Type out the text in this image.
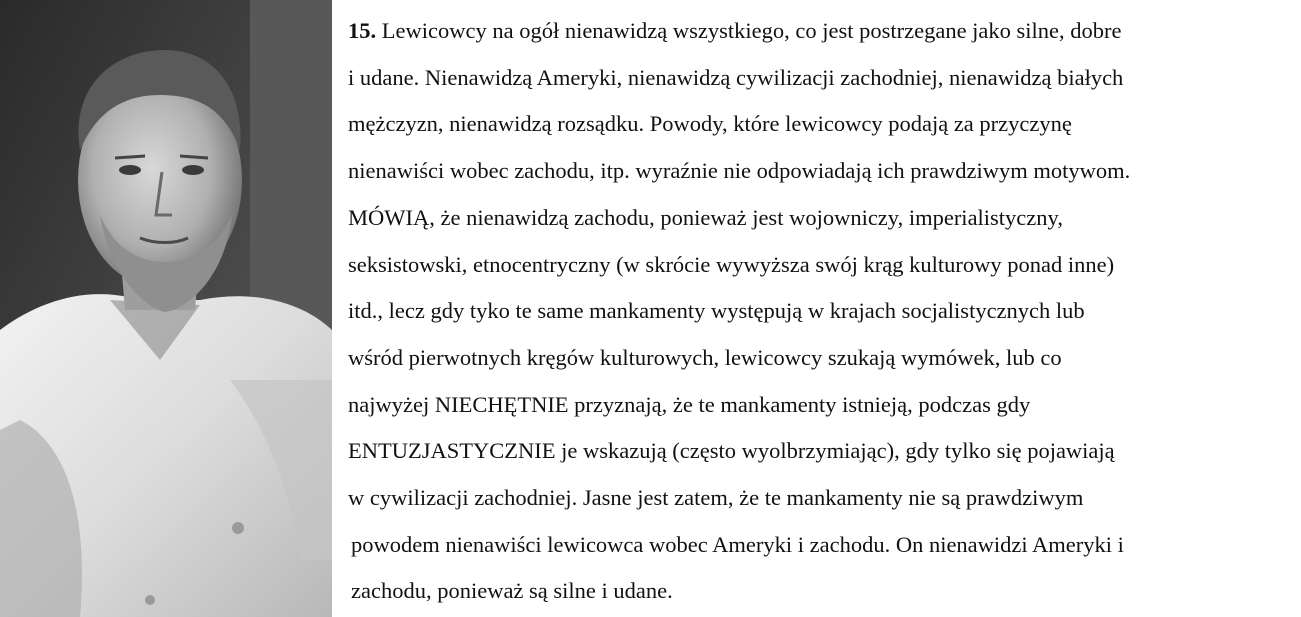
15. Lewicowcy na ogół nienawidzą wszystkiego, co jest postrzegane jako silne, dobre
i udane. Nienawidzą Ameryki, nienawidzą cywilizacji zachodniej, nienawidzą białych
mężczyzn, nienawidzą rozsądku. Powody, które lewicowcy podają za przyczynę
nienawiści wobec zachodu, itp. wyraźnie nie odpowiadają ich prawdziwym motywom.
MÓWIĄ, że nienawidzą zachodu, ponieważ jest wojowniczy, imperialistyczny,
seksistowski, etnocentryczny (w skrócie wywyższa swój krąg kulturowy ponad inne)
itd., lecz gdy tyko te same mankamenty występują w krajach socjalistycznych lub
wśród pierwotnych kręgów kulturowych, lewicowcy szukają wymówek, lub co
najwyżej NIECHĘTNIE przyznają, że te mankamenty istnieją, podczas gdy
ENTUZJASTYCZNIE je wskazują (często wyolbrzymiając), gdy tylko się pojawiają
w cywilizacji zachodniej. Jasne jest zatem, że te mankamenty nie są prawdziwym
powodem nienawiści lewicowca wobec Ameryki i zachodu. On nienawidzi Ameryki i
zachodu, ponieważ są silne i udane.
